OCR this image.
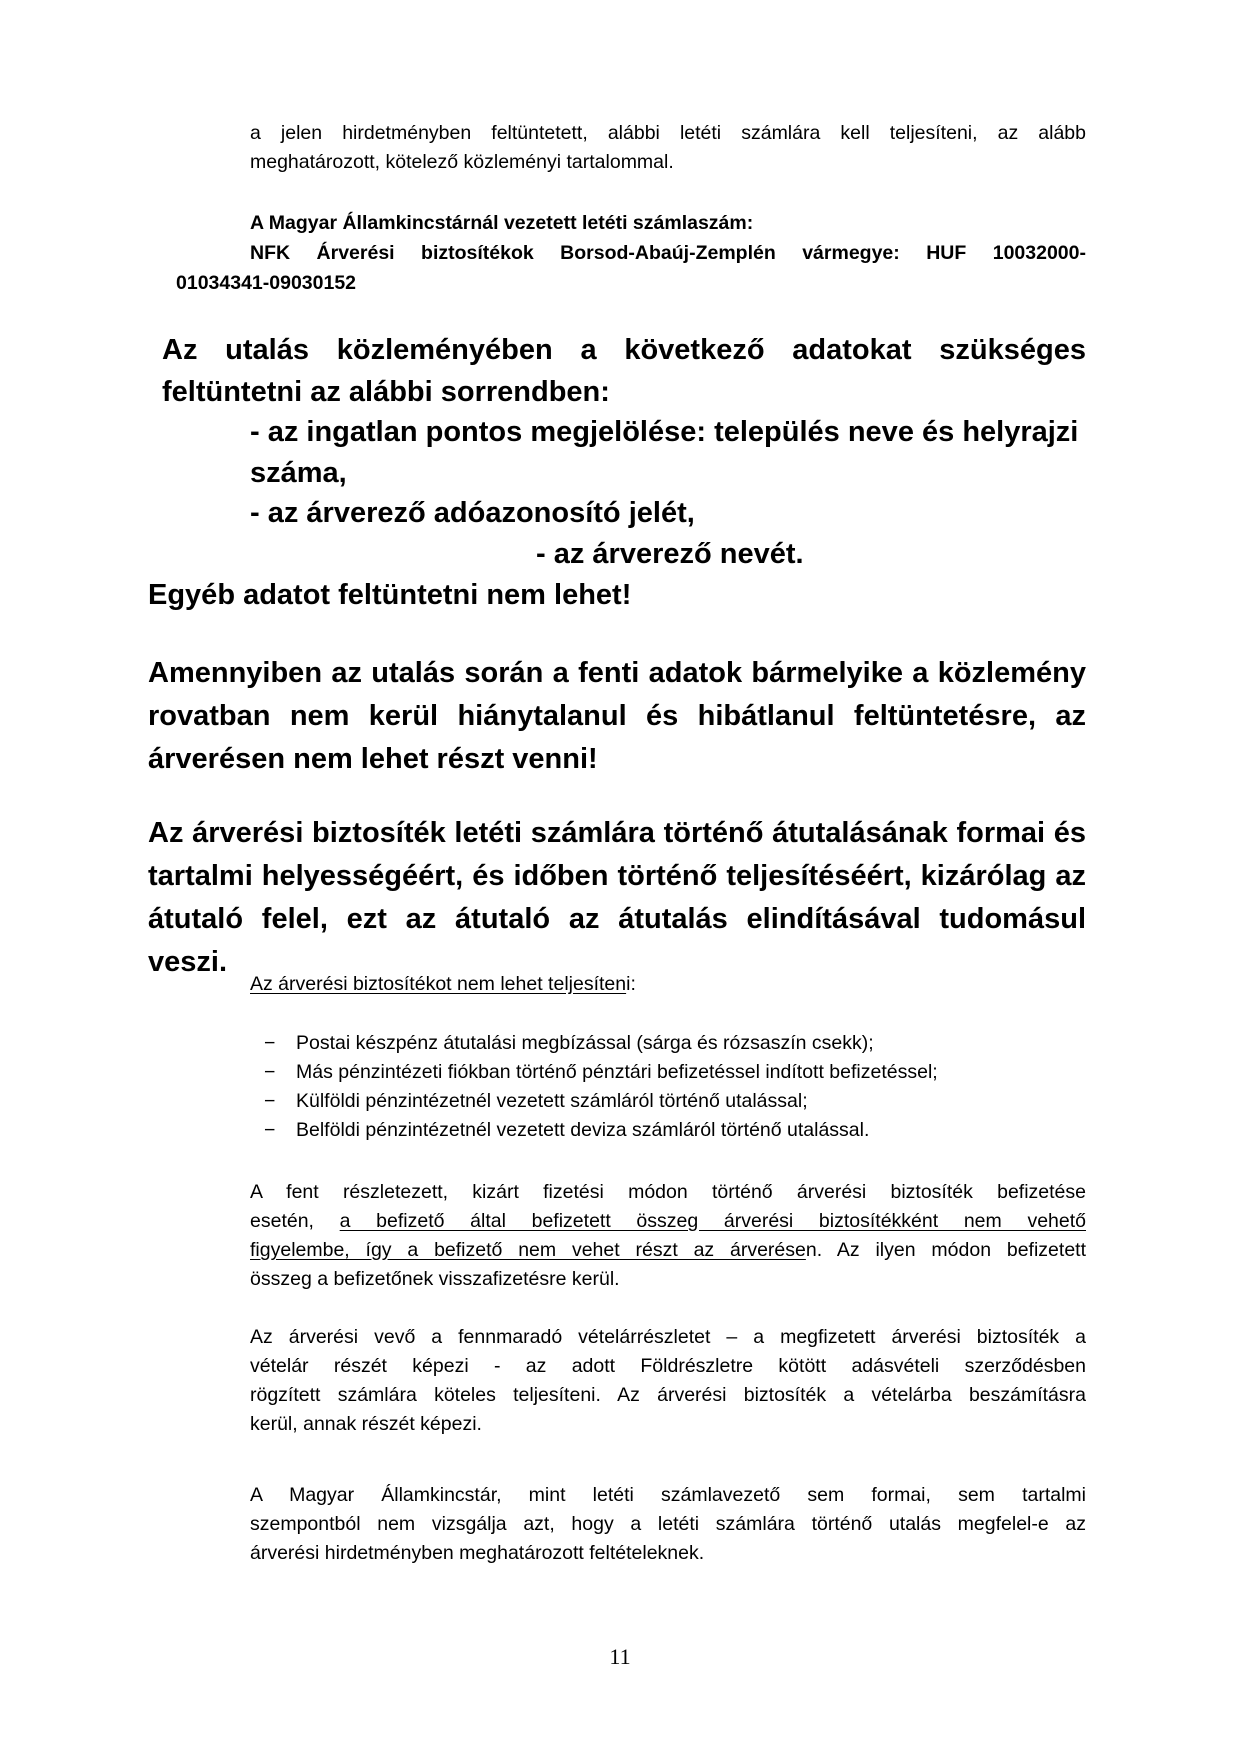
a jelen hirdetményben feltüntetett, alábbi letéti számlára kell teljesíteni, az alább
meghatározott, kötelező közleményi tartalommal.
A Magyar Államkincstárnál vezetett letéti számlaszám:
NFK Árverési biztosítékok Borsod-Abaúj-Zemplén vármegye: HUF 10032000-
01034341-09030152
Az utalás közleményében a következő adatokat szükséges
feltüntetni az alábbi sorrendben:
- az ingatlan pontos megjelölése: település neve és helyrajzi
száma,
- az árverező adóazonosító jelét,
- az árverező nevét.
Egyéb adatot feltüntetni nem lehet!
Amennyiben az utalás során a fenti adatok bármelyike a közlemény
rovatban nem kerül hiánytalanul és hibátlanul feltüntetésre, az
árverésen nem lehet részt venni!
Az árverési biztosíték letéti számlára történő átutalásának formai és
tartalmi helyességéért, és időben történő teljesítéséért, kizárólag az
átutaló felel, ezt az átutaló az átutalás elindításával tudomásul veszi.
Az árverési biztosítékot nem lehet teljesíteni:
− Postai készpénz átutalási megbízással (sárga és rózsaszín csekk);
− Más pénzintézeti fiókban történő pénztári befizetéssel indított befizetéssel;
− Külföldi pénzintézetnél vezetett számláról történő utalással;
− Belföldi pénzintézetnél vezetett deviza számláról történő utalással.
A fent részletezett, kizárt fizetési módon történő árverési biztosíték befizetése
esetén, a befizető által befizetett összeg árverési biztosítékként nem vehető
figyelembe, így a befizető nem vehet részt az árverésen. Az ilyen módon befizetett
összeg a befizetőnek visszafizetésre kerül.
Az árverési vevő a fennmaradó vételárrészletet – a megfizetett árverési biztosíték a
vételár részét képezi - az adott Földrészletre kötött adásvételi szerződésben
rögzített számlára köteles teljesíteni. Az árverési biztosíték a vételárba beszámításra
kerül, annak részét képezi.
A Magyar Államkincstár, mint letéti számlavezető sem formai, sem tartalmi
szempontból nem vizsgálja azt, hogy a letéti számlára történő utalás megfelel-e az
árverési hirdetményben meghatározott feltételeknek.
11
